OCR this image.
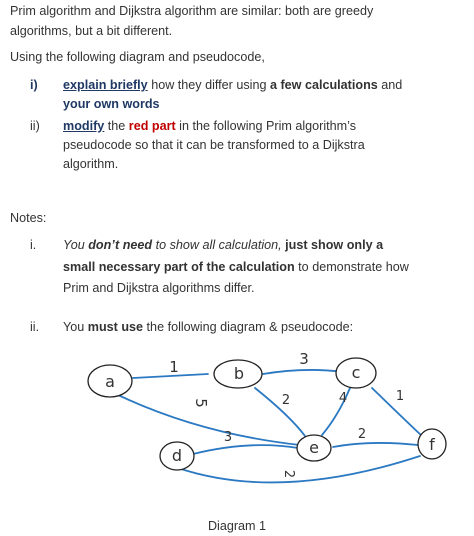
Prim algorithm and Dijkstra algorithm are similar: both are greedy
algorithms, but a bit different.
Using the following diagram and pseudocode,
i) explain briefly how they differ using a few calculations and
your own words
ii) modify the red part in the following Prim algorithm’s
pseudocode so that it can be transformed to a Dijkstra
algorithm.
Notes:
i. You don’t need to show all calculation, just show only a
small necessary part of the calculation to demonstrate how
Prim and Dijkstra algorithms differ.
ii. You must use the following diagram & pseudocode:
a	b	c
d	e	f
1	3
5	2	4	1
3	2
2
Diagram 1
